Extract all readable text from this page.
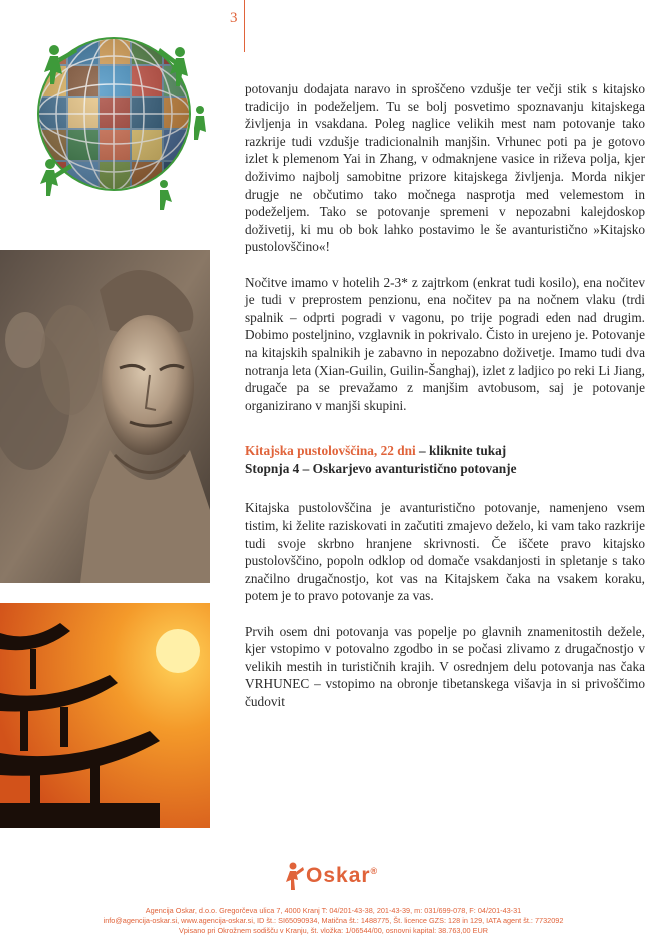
3

potovanju dodajata naravo in sproščeno vzdušje ter večji stik s kitajsko tradicijo in podeželjem. Tu se bolj posvetimo spoznavanju kitajskega življenja in vsakdana. Poleg naglice velikih mest nam potovanje tako razkrije tudi vzdušje tradicionalnih manjšin. Vrhunec poti pa je gotovo izlet k plemenom Yai in Zhang, v odmaknjene vasice in riževa polja, kjer doživimo najbolj samobitne prizore kitajskega življenja. Morda nikjer drugje ne občutimo tako močnega nasprotja med velemestom in podeželjem. Tako se potovanje spremeni v nepozabni kalejdoskop doživetij, ki mu ob bok lahko postavimo le še avanturistično »Kitajsko pustolovščino«!

Nočitve imamo v hotelih 2-3* z zajtrkom (enkrat tudi kosilo), ena nočitev je tudi v preprostem penzionu, ena nočitev pa na nočnem vlaku (trdi spalnik – odprti pogradi v vagonu, po trije pogradi eden nad drugim. Dobimo posteljnino, vzglavnik in pokrivalo. Čisto in urejeno je. Potovanje na kitajskih spalnikih je zabavno in nepozabno doživetje. Imamo tudi dva notranja leta (Xian-Guilin, Guilin-Šanghaj), izlet z ladjico po reki Li Jiang, drugače pa se prevažamo z manjšim avtobusom, saj je potovanje organizirano v manjši skupini.

Kitajska pustolovščina, 22 dni – kliknite tukaj

Stopnja 4 – Oskarjevo avanturistično potovanje

Kitajska pustolovščina je avanturistično potovanje, namenjeno vsem tistim, ki želite raziskovati in začutiti zmajevo deželo, ki vam tako razkrije tudi svoje skrbno hranjene skrivnosti. Če iščete pravo kitajsko pustolovščino, popoln odklop od domače vsakdanjosti in spletanje s tako značilno drugačnostjo, kot vas na Kitajskem čaka na vsakem koraku, potem je to pravo potovanje za vas.

Prvih osem dni potovanja vas popelje po glavnih znamenitostih dežele, kjer vstopimo v potovalno zgodbo in se počasi zlivamo z drugačnostjo v velikih mestih in turističnih krajih. V osrednjem delu potovanja nas čaka VRHUNEC – vstopimo na obronje tibetanskega višavja in si privoščimo čudovit

Oskar®
Agencija Oskar, d.o.o. Gregorčeva ulica 7, 4000 Kranj T: 04/201-43-38, 201-43-39, m: 031/699-078, F: 04/201-43-31
info@agencija-oskar.si, www.agencija-oskar.si, ID št.: SI65090934, Matična št.: 1488775, Št. licence GZS: 128 in 129, IATA agent št.: 7732092
Vpisano pri Okrožnem sodišču v Kranju, št. vložka: 1/06544/00, osnovni kapital: 38.763,00 EUR
